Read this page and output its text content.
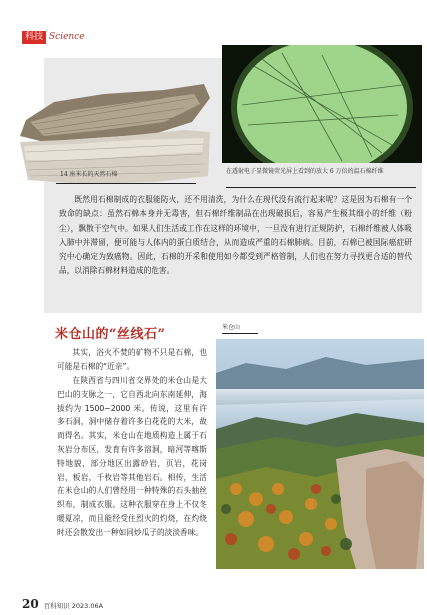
科技 Science
14 座米长的天然石棉	在透射电子显微镜荧光屏上看到的放大 6 万倍的温石棉纤维

既然用石棉制成的衣服能防火，还不用清洗，为什么在现代没有流行起来呢？这是因为石棉有一个致命的缺点：虽然石棉本身并无毒害，但石棉纤维制品在出现破损后，容易产生极其细小的纤维（粉尘），飘散于空气中。如果人们生活或工作在这样的环境中，一旦没有进行正规防护，石棉纤维被人体吸入肺中并滞留，便可能与人体内的蛋白质结合，从而造成严重的石棉肺病。目前，石棉已被国际癌症研究中心确定为致癌物。因此，石棉的开采和使用如今都受到严格管制，人们也在努力寻找更合适的替代品，以消除石棉材料造成的危害。

米仓山的“丝线石”	米仓山

其实，浴火不焚的矿物不只是石棉，也可能是石棉的“近亲”。

在陕西省与四川省交界处的米仓山是大巴山的支脉之一，它自西北向东南延伸，海拔约为 1500~2000 米。传说，这里有许多石洞，洞中储存着许多白花花的大米，故而得名。其实，米仓山在地质构造上属于石灰岩分布区，发育有许多溶洞，暗河等喀斯特地貌，部分地区出露砂岩，页岩，花岗岩，板岩，千枚岩等其他岩石。相传，生活在米仓山的人们曾经用一种特殊的石头抽丝织布，制成衣服。这种衣服穿在身上不仅冬暖夏凉，而且能经受住烈火的灼烧，在灼烧时还会散发出一种如同炒瓜子的淡淡香味。

20 百科知识 2023.06A
